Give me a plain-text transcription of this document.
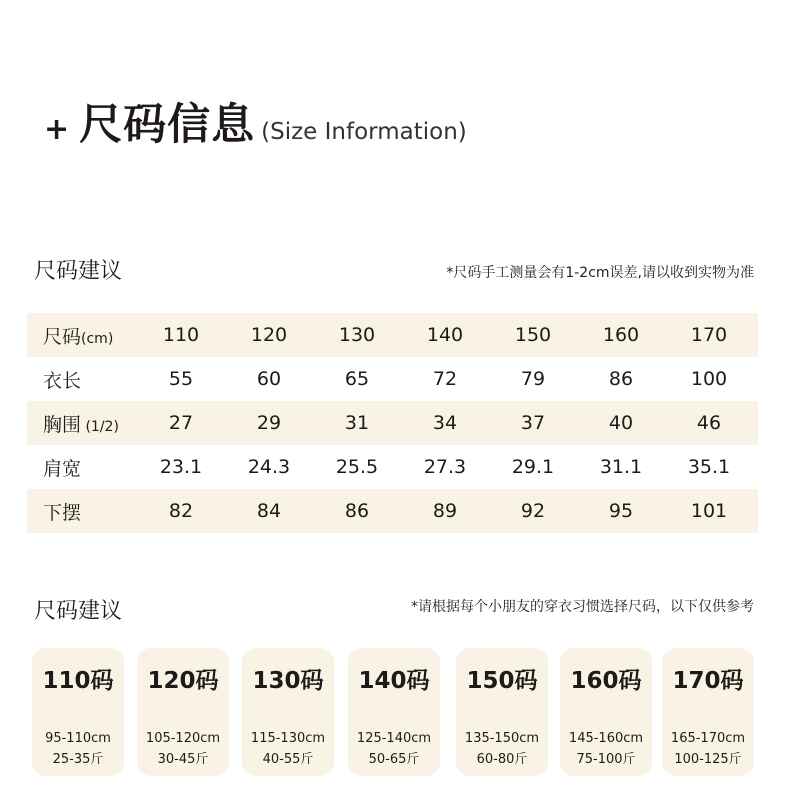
+ 尺码信息 (Size Information)
尺码建议	*尺码手工测量会有1-2cm误差,请以收到实物为准
尺码(cm)	110	120	130	140	150	160	170
衣长	55	60	65	72	79	86	100
胸围 (1/2)	27	29	31	34	37	40	46
肩宽	23.1	24.3	25.5	27.3	29.1	31.1	35.1
下摆	82	84	86	89	92	95	101
尺码建议	*请根据每个小朋友的穿衣习惯选择尺码，以下仅供参考
110码
95-110cm
25-35斤
120码
105-120cm
30-45斤
130码
115-130cm
40-55斤
140码
125-140cm
50-65斤
150码
135-150cm
60-80斤
160码
145-160cm
75-100斤
170码
165-170cm
100-125斤
